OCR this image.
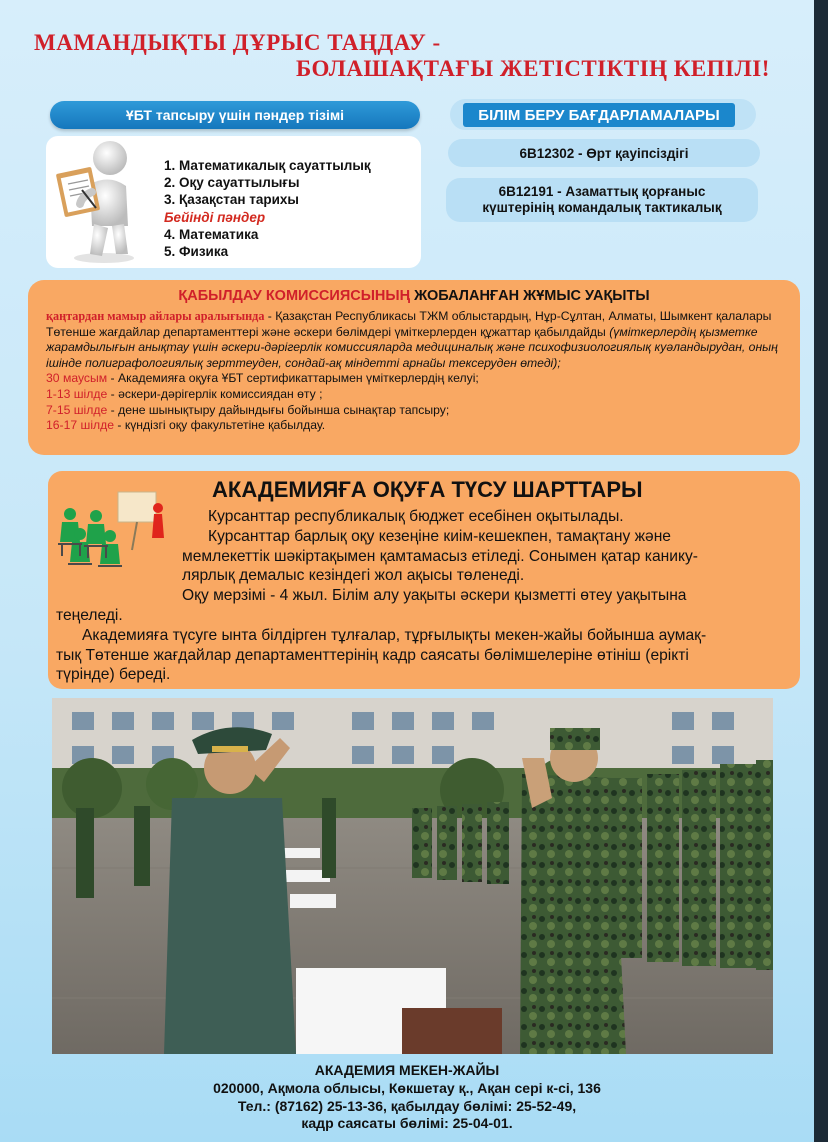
МАМАНДЫҚТЫ ДҰРЫС ТАҢДАУ -

БОЛАШАҚТАҒЫ ЖЕТІСТІКТІҢ КЕПІЛІ!

ҰБТ тапсыру үшін пәндер тізімі
1. Математикалық сауаттылық
2. Оқу сауаттылығы
3. Қазақстан тарихы
Бейінді пәндер
4. Математика
5. Физика
БІЛІМ БЕРУ БАҒДАРЛАМАЛАРЫ
6В12302 - Өрт қауіпсіздігі
6В12191 - Азаматтық қорғаныс
күштерінің командалық тактикалық
ҚАБЫЛДАУ КОМИССИЯСЫНЫҢ ЖОБАЛАНҒАН ЖҰМЫС УАҚЫТЫ
қаңтардан мамыр айлары аралығында - Қазақстан Республикасы ТЖМ облыстардың, Нұр-Сұлтан, Алматы, Шымкент қалалары Төтенше жағдайлар департаменттері және әскери бөлімдері үміткерлерден құжаттар қабылдайды (үміткерлердің қызметке жарамдылығын анықтау үшін әскери-дәрігерлік комиссияларда медициналық және психофизиологиялық куәландырудан, оның ішінде полиграфологиялық зерттеуден, сондай-ақ міндетті арнайы тексеруден өтеді);
30 маусым - Академияға оқуға ҰБТ сертификаттарымен үміткерлердің келуі;
1-13 шілде - әскери-дәрігерлік комиссиядан өту ;
7-15 шілде - дене шынықтыру дайындығы бойынша сынақтар тапсыру;
16-17 шілде - күндізгі оқу факультетіне қабылдау.
АКАДЕМИЯҒА ОҚУҒА ТҮСУ ШАРТТАРЫ

Курсанттар республикалық бюджет есебінен оқытылады.

Курсанттар барлық оқу кезеңіне киім-кешекпен, тамақтану және

мемлекеттік шәкіртақымен қамтамасыз етіледі. Сонымен қатар канику-

лярлық демалыс кезіндегі жол ақысы төленеді.

Оқу мерзімі - 4 жыл. Білім алу уақыты әскери қызметті өтеу уақытына

теңеледі.

Академияға түсуге ынта білдірген тұлғалар, тұрғылықты мекен-жайы бойынша аумақ-

тық Төтенше жағдайлар департаменттерінің кадр саясаты бөлімшелеріне өтініш (ерікті

түрінде) береді.

АКАДЕМИЯ МЕКЕН-ЖАЙЫ
020000, Ақмола облысы, Көкшетау қ., Ақан сері к-сі, 136
Тел.: (87162) 25-13-36, қабылдау бөлімі: 25-52-49,
кадр саясаты бөлімі: 25-04-01.
